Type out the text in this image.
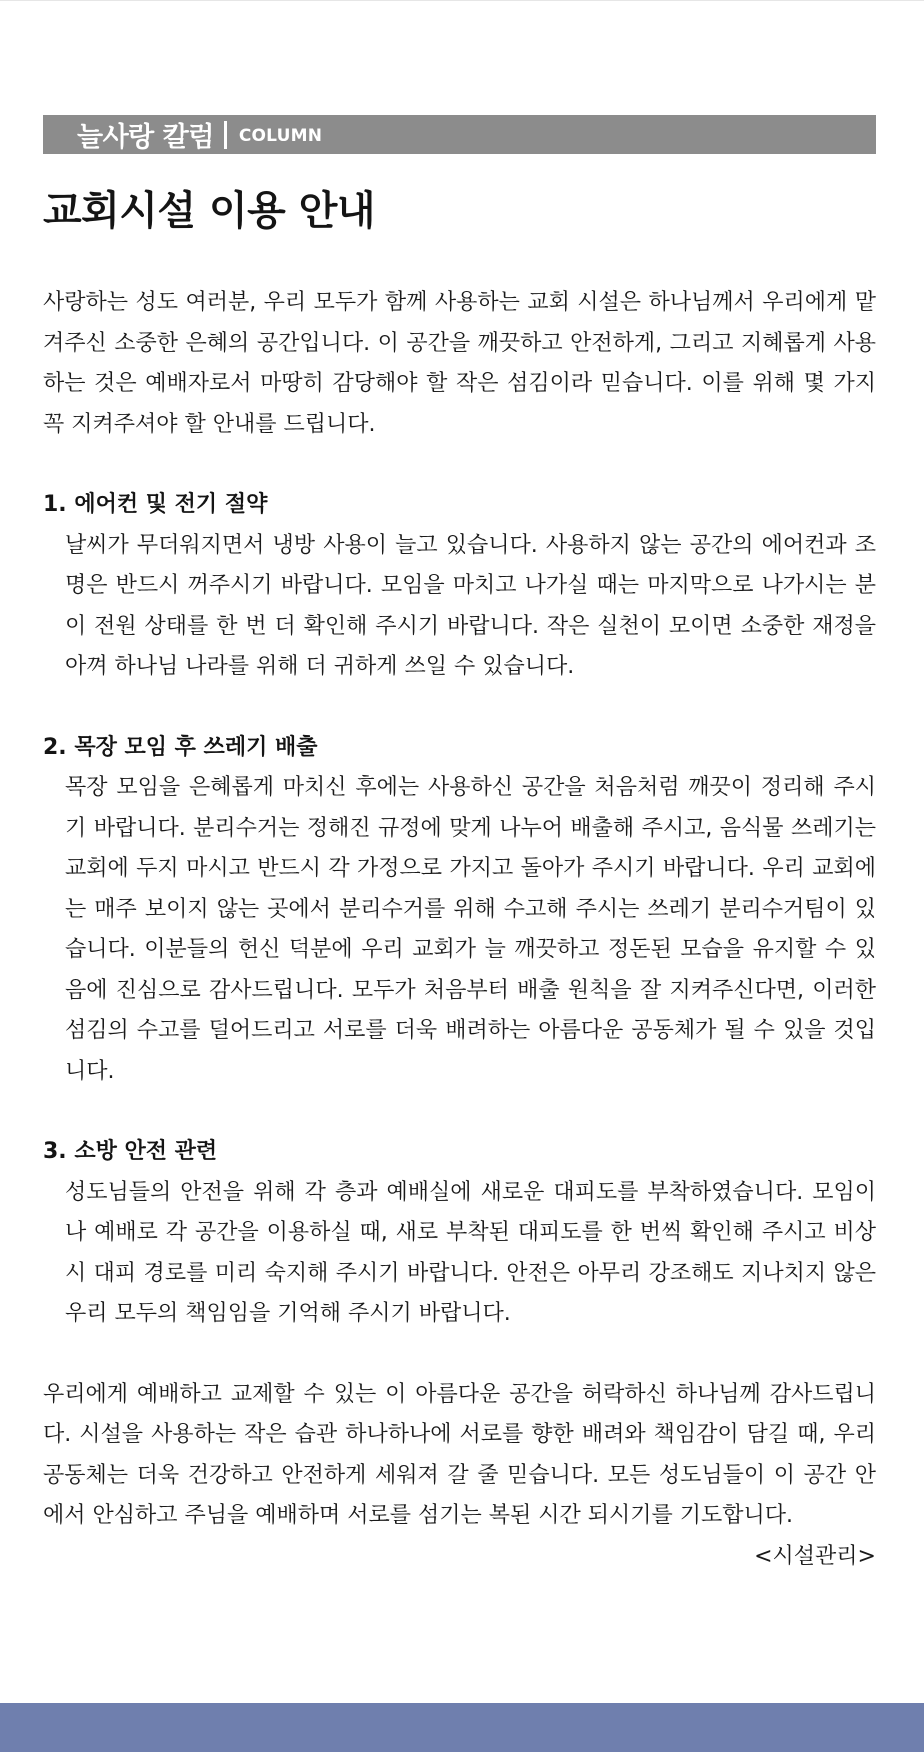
늘사랑 칼럼 COLUMN
교회시설 이용 안내

사랑하는 성도 여러분, 우리 모두가 함께 사용하는 교회 시설은 하나님께서 우리에게 맡겨주신 소중한 은혜의 공간입니다. 이 공간을 깨끗하고 안전하게, 그리고 지혜롭게 사용하는 것은 예배자로서 마땅히 감당해야 할 작은 섬김이라 믿습니다. 이를 위해 몇 가지 꼭 지켜주셔야 할 안내를 드립니다.

1. 에어컨 및 전기 절약

날씨가 무더워지면서 냉방 사용이 늘고 있습니다. 사용하지 않는 공간의 에어컨과 조명은 반드시 꺼주시기 바랍니다. 모임을 마치고 나가실 때는 마지막으로 나가시는 분이 전원 상태를 한 번 더 확인해 주시기 바랍니다. 작은 실천이 모이면 소중한 재정을 아껴 하나님 나라를 위해 더 귀하게 쓰일 수 있습니다.

2. 목장 모임 후 쓰레기 배출

목장 모임을 은혜롭게 마치신 후에는 사용하신 공간을 처음처럼 깨끗이 정리해 주시기 바랍니다. 분리수거는 정해진 규정에 맞게 나누어 배출해 주시고, 음식물 쓰레기는 교회에 두지 마시고 반드시 각 가정으로 가지고 돌아가 주시기 바랍니다. 우리 교회에는 매주 보이지 않는 곳에서 분리수거를 위해 수고해 주시는 쓰레기 분리수거팀이 있습니다. 이분들의 헌신 덕분에 우리 교회가 늘 깨끗하고 정돈된 모습을 유지할 수 있음에 진심으로 감사드립니다. 모두가 처음부터 배출 원칙을 잘 지켜주신다면, 이러한 섬김의 수고를 덜어드리고 서로를 더욱 배려하는 아름다운 공동체가 될 수 있을 것입니다.

3. 소방 안전 관련

성도님들의 안전을 위해 각 층과 예배실에 새로운 대피도를 부착하였습니다. 모임이나 예배로 각 공간을 이용하실 때, 새로 부착된 대피도를 한 번씩 확인해 주시고 비상시 대피 경로를 미리 숙지해 주시기 바랍니다. 안전은 아무리 강조해도 지나치지 않은 우리 모두의 책임임을 기억해 주시기 바랍니다.

우리에게 예배하고 교제할 수 있는 이 아름다운 공간을 허락하신 하나님께 감사드립니다. 시설을 사용하는 작은 습관 하나하나에 서로를 향한 배려와 책임감이 담길 때, 우리 공동체는 더욱 건강하고 안전하게 세워져 갈 줄 믿습니다. 모든 성도님들이 이 공간 안에서 안심하고 주님을 예배하며 서로를 섬기는 복된 시간 되시기를 기도합니다.

<시설관리>
